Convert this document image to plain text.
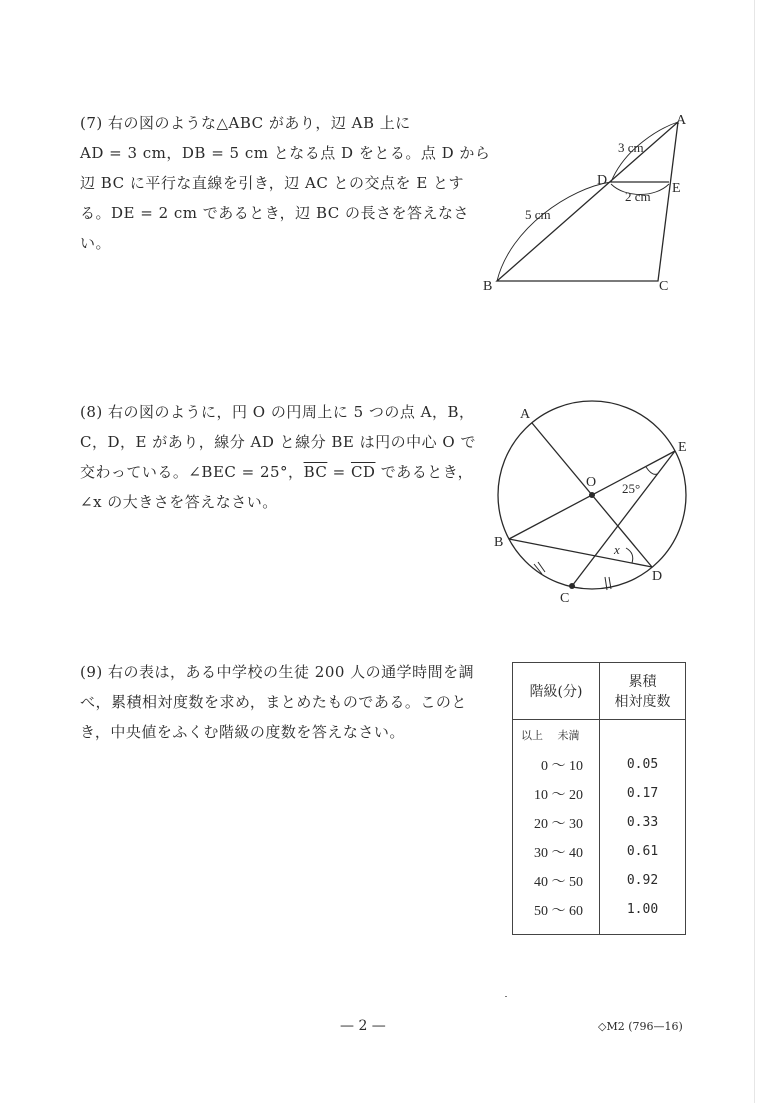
(7) 右の図のような△ABC があり，辺 AB 上に
AD = 3 cm，DB = 5 cm となる点 D をとる。点 D から
辺 BC に平行な直線を引き，辺 AC との交点を E とす
る。DE = 2 cm であるとき，辺 BC の長さを答えなさ
い。
A
B	C
D
E
3 cm
5 cm
2 cm
(8) 右の図のように，円 O の円周上に 5 つの点 A，B，
C，D，E があり，線分 AD と線分 BE は円の中心 O で
交わっている。∠BEC = 25°，$\overline{BC} = \overline{CD}$ であるとき，
∠x の大きさを答えなさい。
A
B
C
D
E
O 25°
x
(9) 右の表は，ある中学校の生徒 200 人の通学時間を調
べ，累積相対度数を求め，まとめたものである。このと
き，中央値をふくむ階級の度数を答えなさい。
階級(分)	累積
相対度数
以上　 未満	
0 ～ 10	0.05
10 ～ 20	0.17
20 ～ 30	0.33
30 ～ 40	0.61
40 ～ 50	0.92
50 ～ 60	1.00
— 2 —	◇M2 (796—16)
